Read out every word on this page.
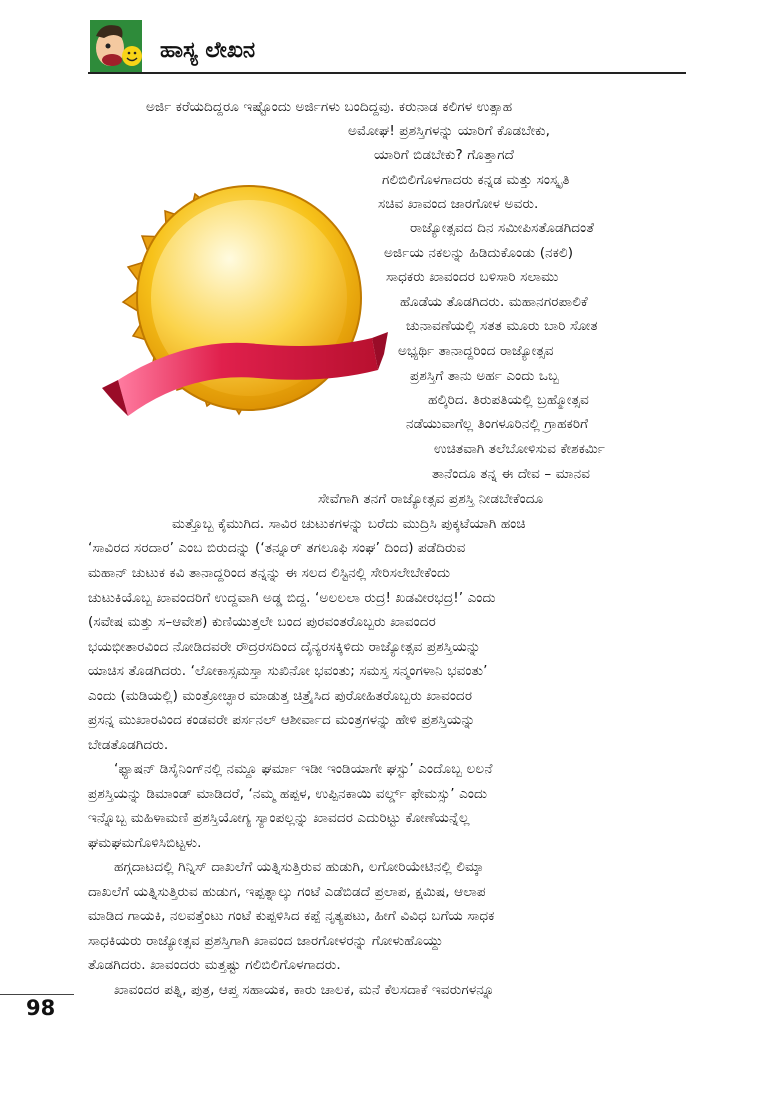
ಹಾಸ್ಯ ಲೇಖನ
ಅರ್ಜಿ ಕರೆಯದಿದ್ದರೂ ಇಷ್ಟೊಂದು ಅರ್ಜಿಗಳು ಬಂದಿದ್ದವು. ಕರುನಾಡ ಕಲಿಗಳ ಉತ್ಸಾಹ
ಅಮೋಘ! ಪ್ರಶಸ್ತಿಗಳನ್ನು ಯಾರಿಗೆ ಕೊಡಬೇಕು,
ಯಾರಿಗೆ ಬಿಡಬೇಕು? ಗೊತ್ತಾಗದೆ
ಗಲಿಬಿಲಿಗೊಳಗಾದರು ಕನ್ನಡ ಮತ್ತು ಸಂಸ್ಕೃತಿ
ಸಚಿವ ಖಾವಂದ ಜಾರಗೋಳ ಅವರು.
ರಾಜ್ಯೋತ್ಸವದ ದಿನ ಸಮೀಪಿಸತೊಡಗಿದಂತೆ
ಅರ್ಜಿಯ ನಕಲನ್ನು ಹಿಡಿದುಕೊಂಡು (ನಕಲಿ)
ಸಾಧಕರು ಖಾವಂದರ ಬಳಿಸಾರಿ ಸಲಾಮು
ಹೊಡೆಯ ತೊಡಗಿದರು. ಮಹಾನಗರಪಾಲಿಕೆ
ಚುನಾವಣೆಯಲ್ಲಿ ಸತತ ಮೂರು ಬಾರಿ ಸೋತ
ಅಭ್ಯರ್ಥಿ ತಾನಾದ್ದರಿಂದ ರಾಜ್ಯೋತ್ಸವ
ಪ್ರಶಸ್ತಿಗೆ ತಾನು ಅರ್ಹ ಎಂದು ಒಬ್ಬ
ಹಲ್ಕಿರಿದ. ತಿರುಪತಿಯಲ್ಲಿ ಬ್ರಹ್ಮೋತ್ಸವ
ನಡೆಯುವಾಗೆಲ್ಲ ತಿಂಗಳೂರಿನಲ್ಲಿ ಗ್ರಾಹಕರಿಗೆ
ಉಚಿತವಾಗಿ ತಲೆಬೋಳಿಸುವ ಕೇಶಕರ್ಮಿ
ತಾನೆಂದೂ ತನ್ನ ಈ ದೇವ – ಮಾನವ
ಸೇವೆಗಾಗಿ ತನಗೆ ರಾಜ್ಯೋತ್ಸವ ಪ್ರಶಸ್ತಿ ನೀಡಬೇಕೆಂದೂ
ಮತ್ತೊಬ್ಬ ಕೈಮುಗಿದ. ಸಾವಿರ ಚುಟುಕಗಳನ್ನು ಬರೆದು ಮುದ್ರಿಸಿ ಪುಕ್ಕಟೆಯಾಗಿ ಹಂಚಿ
‘ಸಾವಿರದ ಸರದಾರ’ ಎಂಬ ಬಿರುದನ್ನು (‘ತನ್ನೂರ್ ತಗಲೂಫಿ ಸಂಘ’ ದಿಂದ) ಪಡೆದಿರುವ
ಮಹಾನ್ ಚುಟುಕ ಕವಿ ತಾನಾದ್ದರಿಂದ ತನ್ನನ್ನು ಈ ಸಲದ ಲಿಸ್ಟಿನಲ್ಲಿ ಸೇರಿಸಲೇಬೇಕೆಂದು
ಚುಟುಕಿಯೊಬ್ಬ ಖಾವಂದರಿಗೆ ಉದ್ದವಾಗಿ ಅಡ್ಡ ಬಿದ್ದ. ‘ಅಲಲಲಾ ರುದ್ರ! ಖಡವೀರಭದ್ರ!’ ಎಂದು
(ಸವೇಷ ಮತ್ತು ಸ–ಆವೇಶ) ಕುಣಿಯುತ್ತಲೇ ಬಂದ ಪುರವಂತರೊಬ್ಬರು ಖಾವಂದರ
ಭಯಭೀತಾರವಿಂದ ನೋಡಿದವರೇ ರೌದ್ರರಸದಿಂದ ದೈನ್ಯರಸಕ್ಕಿಳಿದು ರಾಜ್ಯೋತ್ಸವ ಪ್ರಶಸ್ತಿಯನ್ನು
ಯಾಚಿಸ ತೊಡಗಿದರು. ‘ಲೋಕಾಸ್ಸಮಸ್ತಾ ಸುಖಿನೋ ಭವಂತು; ಸಮಸ್ತ ಸನ್ಮಂಗಳಾನಿ ಭವಂತು’
ಎಂದು (ಮಡಿಯಲ್ಲಿ) ಮಂತ್ರೋಚ್ಛಾರ ಮಾಡುತ್ತ ಚಿತ್ರೈಸಿದ ಪುರೋಹಿತರೊಬ್ಬರು ಖಾವಂದರ
ಪ್ರಸನ್ನ ಮುಖಾರವಿಂದ ಕಂಡವರೇ ಪರ್ಸನಲ್ ಆಶೀರ್ವಾದ ಮಂತ್ರಗಳನ್ನು ಹೇಳಿ ಪ್ರಶಸ್ತಿಯನ್ನು
ಬೇಡತೊಡಗಿದರು.
‘ಫ್ಯಾಷನ್ ಡಿಸೈನಿಂಗ್‌ನಲ್ಲಿ ನಮ್ದೂ ಘರ್ಮಾ ಇಡೀ ಇಂಡಿಯಾಗೇ ಘಸ್ಟು’ ಎಂದೊಬ್ಬ ಲಲನೆ
ಪ್ರಶಸ್ತಿಯನ್ನು ಡಿಮಾಂಡ್ ಮಾಡಿದರೆ, ‘ನಮ್ಮ ಹಪ್ಪಳ, ಉಪ್ಪಿನಕಾಯಿ ವರ್ಲ್ಡ್ ಫೇಮಸ್ಸು’ ಎಂದು
ಇನ್ನೊಬ್ಬ ಮಹಿಳಾಮಣಿ ಪ್ರಶಸ್ತಿಯೋಗ್ಯ ಸ್ಯಾಂಪಲ್ಲನ್ನು ಖಾವದರ ಎದುರಿಟ್ಟು ಕೋಣೆಯನ್ನೆಲ್ಲ
ಘಮಘಮಗೊಳಿಸಿಬಿಟ್ಟಳು.
ಹಗ್ಗದಾಟದಲ್ಲಿ ಗಿನ್ನಿಸ್ ದಾಖಲೆಗೆ ಯತ್ನಿಸುತ್ತಿರುವ ಹುಡುಗಿ, ಲಗೋರಿಯೇಟಿನಲ್ಲಿ ಲಿಮ್ಕಾ
ದಾಖಲೆಗೆ ಯತ್ನಿಸುತ್ತಿರುವ ಹುಡುಗ, ಇಪ್ಪತ್ನಾಲ್ಕು ಗಂಟೆ ಎಡೆಬಿಡದೆ ಪ್ರಲಾಪ, ಕ್ಷಮಿಷ, ಆಲಾಪ
ಮಾಡಿದ ಗಾಯಕಿ, ನಲವತ್ತೆಂಟು ಗಂಟೆ ಕುಪ್ಪಳಿಸಿದ ಕಪ್ಪೆ ನೃತ್ಯಪಟು, ಹೀಗೆ ವಿವಿಧ ಬಗೆಯ ಸಾಧಕ
ಸಾಧಕಿಯರು ರಾಜ್ಯೋತ್ಸವ ಪ್ರಶಸ್ತಿಗಾಗಿ ಖಾವಂದ ಜಾರಗೋಳರನ್ನು ಗೋಳುಹೊಯ್ದು
ತೊಡಗಿದರು. ಖಾವಂದರು ಮತ್ತಷ್ಟು ಗಲಿಬಿಲಿಗೊಳಗಾದರು.
ಖಾವಂದರ ಪತ್ನಿ, ಪುತ್ರ, ಆಪ್ತ ಸಹಾಯಕ, ಕಾರು ಚಾಲಕ, ಮನೆ ಕೆಲಸದಾಕೆ ಇವರುಗಳನ್ನೂ
98
